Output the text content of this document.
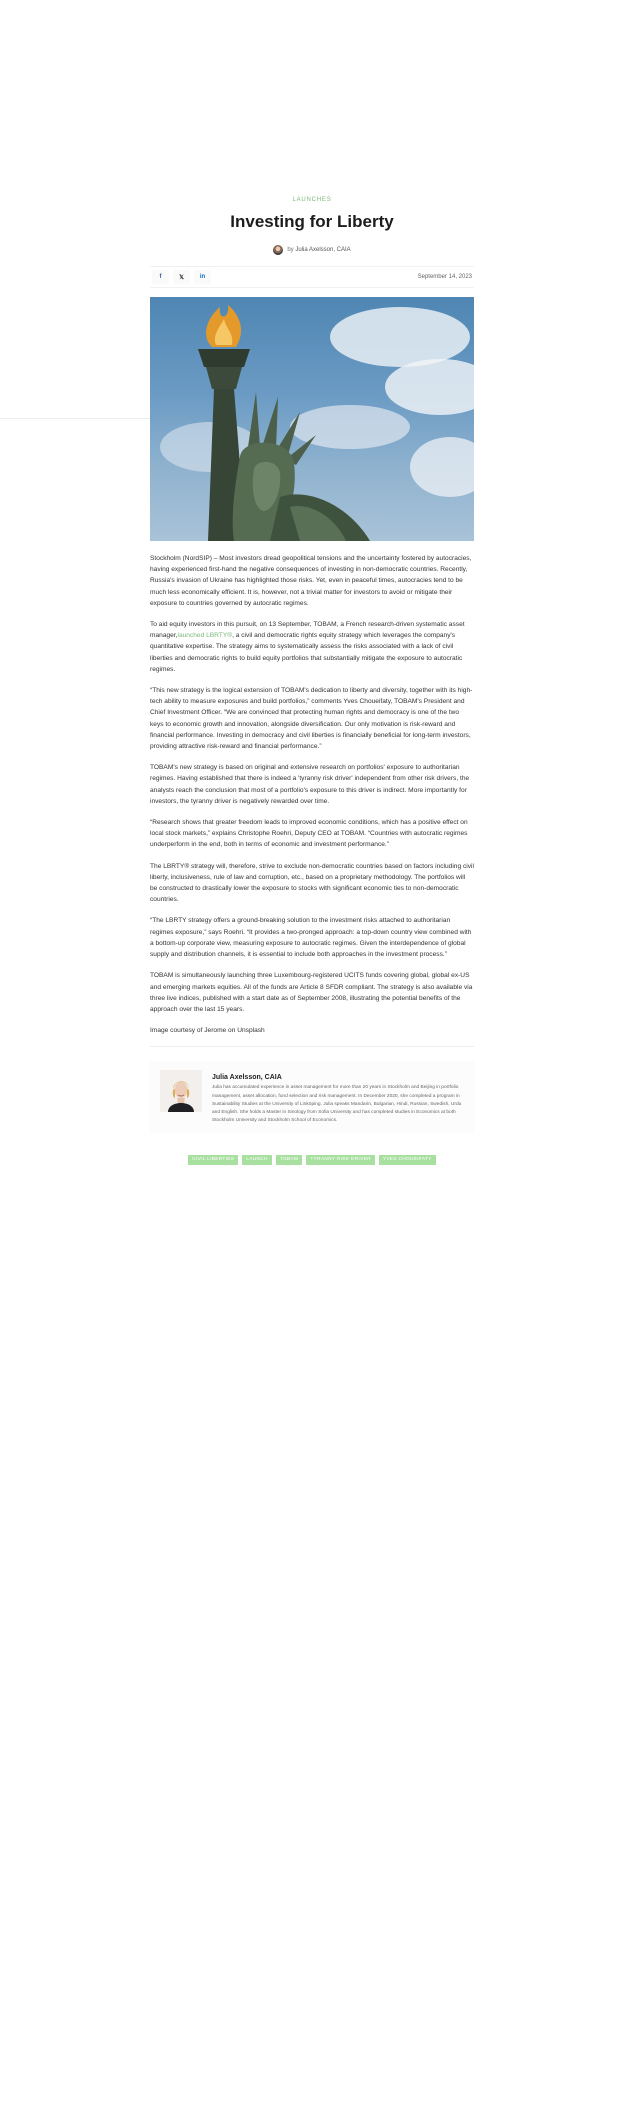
LAUNCHES
Investing for Liberty
by
Julia Axelsson, CAIA
f	𝕏	in	September 14, 2023

Stockholm (NordSIP) – Most investors dread geopolitical tensions and the uncertainty fostered by autocracies, having experienced first-hand the negative consequences of investing in non-democratic countries. Recently, Russia's invasion of Ukraine has highlighted those risks. Yet, even in peaceful times, autocracies tend to be much less economically efficient. It is, however, not a trivial matter for investors to avoid or mitigate their exposure to countries governed by autocratic regimes.

To aid equity investors in this pursuit, on 13 September, TOBAM, a French research-driven systematic asset manager,launched LBRTY®, a civil and democratic rights equity strategy which leverages the company's quantitative expertise. The strategy aims to systematically assess the risks associated with a lack of civil liberties and democratic rights to build equity portfolios that substantially mitigate the exposure to autocratic regimes.

“This new strategy is the logical extension of TOBAM's dedication to liberty and diversity, together with its high-tech ability to measure exposures and build portfolios,” comments Yves Choueifaty, TOBAM's President and Chief Investment Officer. “We are convinced that protecting human rights and democracy is one of the two keys to economic growth and innovation, alongside diversification. Our only motivation is risk-reward and financial performance. Investing in democracy and civil liberties is financially beneficial for long-term investors, providing attractive risk-reward and financial performance.”

TOBAM's new strategy is based on original and extensive research on portfolios' exposure to authoritarian regimes. Having established that there is indeed a 'tyranny risk driver' independent from other risk drivers, the analysts reach the conclusion that most of a portfolio's exposure to this driver is indirect. More importantly for investors, the tyranny driver is negatively rewarded over time.

“Research shows that greater freedom leads to improved economic conditions, which has a positive effect on local stock markets,” explains Christophe Roehri, Deputy CEO at TOBAM. “Countries with autocratic regimes underperform in the end, both in terms of economic and investment performance.”

The LBRTY® strategy will, therefore, strive to exclude non-democratic countries based on factors including civil liberty, inclusiveness, rule of law and corruption, etc., based on a proprietary methodology. The portfolios will be constructed to drastically lower the exposure to stocks with significant economic ties to non-democratic countries.

“The LBRTY strategy offers a ground-breaking solution to the investment risks attached to authoritarian regimes exposure,” says Roehri. “It provides a two-pronged approach: a top-down country view combined with a bottom-up corporate view, measuring exposure to autocratic regimes. Given the interdependence of global supply and distribution channels, it is essential to include both approaches in the investment process.”

TOBAM is simultaneously launching three Luxembourg-registered UCITS funds covering global, global ex-US and emerging markets equities. All of the funds are Article 8 SFDR compliant. The strategy is also available via three live indices, published with a start date as of September 2008, illustrating the potential benefits of the approach over the last 15 years.

Image courtesy of Jerome on Unsplash

Julia Axelsson, CAIA

Julia has accumulated experience in asset management for more than 20 years in Stockholm and Beijing in portfolio management, asset allocation, fund selection and risk management. In December 2020, she completed a program in Sustainability Studies at the University of Linköping. Julia speaks Mandarin, Bulgarian, Hindi, Russian, Swedish, Urdu and English. She holds a Master in Sinology from Sofia University and has completed studies in Economics at both Stockholm University and Stockholm School of Economics.

CIVIL LIBERTIES	LAUNCH	TOBAM	TYRANNY RISK DRIVER	YVES CHOUEIFATY
